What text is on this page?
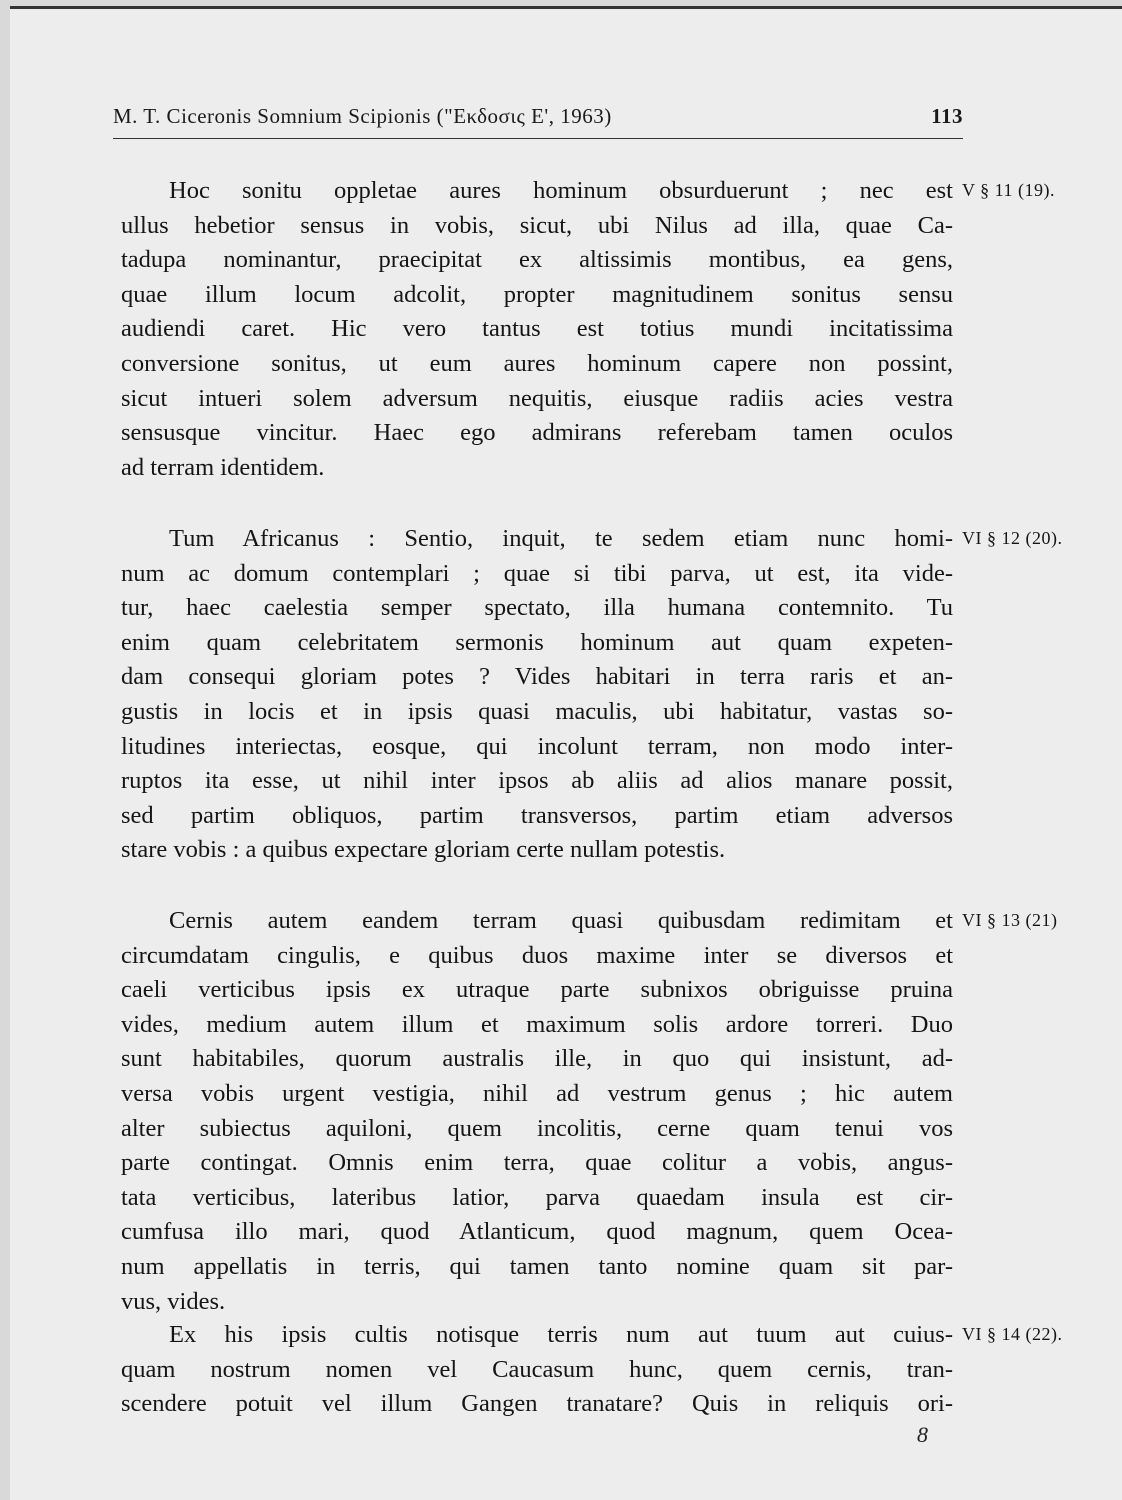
M. T. Ciceronis Somnium Scipionis ("Εκδοσις Ε', 1963)	113
Hoc sonitu oppletae aures hominum obsurduerunt ; nec est
ullus hebetior sensus in vobis, sicut, ubi Nilus ad illa, quae Ca-
tadupa nominantur, praecipitat ex altissimis montibus, ea gens,
quae illum locum adcolit, propter magnitudinem sonitus sensu
audiendi caret. Hic vero tantus est totius mundi incitatissima
conversione sonitus, ut eum aures hominum capere non possint,
sicut intueri solem adversum nequitis, eiusque radiis acies vestra
sensusque vincitur. Haec ego admirans referebam tamen oculos
ad terram identidem.
V § 11 (19).
Tum Africanus : Sentio, inquit, te sedem etiam nunc homi-
num ac domum contemplari ; quae si tibi parva, ut est, ita vide-
tur, haec caelestia semper spectato, illa humana contemnito. Tu
enim quam celebritatem sermonis hominum aut quam expeten-
dam consequi gloriam potes ? Vides habitari in terra raris et an-
gustis in locis et in ipsis quasi maculis, ubi habitatur, vastas so-
litudines interiectas, eosque, qui incolunt terram, non modo inter-
ruptos ita esse, ut nihil inter ipsos ab aliis ad alios manare possit,
sed partim obliquos, partim transversos, partim etiam adversos
stare vobis : a quibus expectare gloriam certe nullam potestis.
VI § 12 (20).
Cernis autem eandem terram quasi quibusdam redimitam et
circumdatam cingulis, e quibus duos maxime inter se diversos et
caeli verticibus ipsis ex utraque parte subnixos obriguisse pruina
vides, medium autem illum et maximum solis ardore torreri. Duo
sunt habitabiles, quorum australis ille, in quo qui insistunt, ad-
versa vobis urgent vestigia, nihil ad vestrum genus ; hic autem
alter subiectus aquiloni, quem incolitis, cerne quam tenui vos
parte contingat. Omnis enim terra, quae colitur a vobis, angus-
tata verticibus, lateribus latior, parva quaedam insula est cir-
cumfusa illo mari, quod Atlanticum, quod magnum, quem Ocea-
num appellatis in terris, qui tamen tanto nomine quam sit par-
vus, vides.
VI § 13 (21)
Ex his ipsis cultis notisque terris num aut tuum aut cuius-
quam nostrum nomen vel Caucasum hunc, quem cernis, tran-
scendere potuit vel illum Gangen tranatare? Quis in reliquis ori-
VI § 14 (22).
8
